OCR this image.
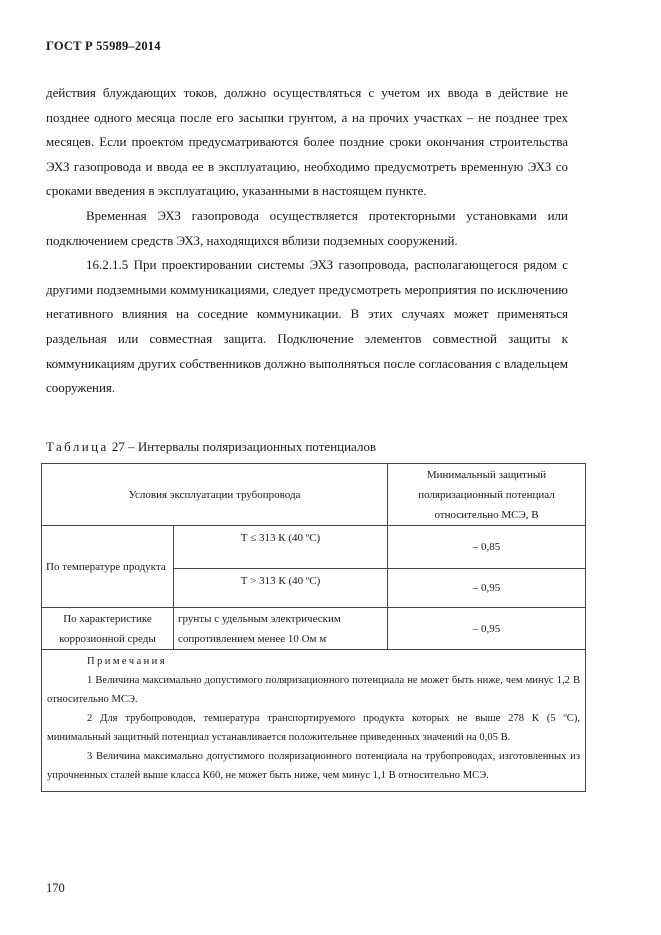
ГОСТ Р 55989–2014

действия блуждающих токов, должно осуществляться с учетом их ввода в действие не позднее одного месяца после его засыпки грунтом, а на прочих участках – не позднее трех месяцев. Если проектом предусматриваются более поздние сроки окончания строительства ЭХЗ газопровода и ввода ее в эксплуатацию, необходимо предусмотреть временную ЭХЗ со сроками введения в эксплуатацию, указанными в настоящем пункте.

Временная ЭХЗ газопровода осуществляется протекторными установками или подключением средств ЭХЗ, находящихся вблизи подземных сооружений.

16.2.1.5 При проектировании системы ЭХЗ газопровода, располагающегося рядом с другими подземными коммуникациями, следует предусмотреть мероприятия по исключению негативного влияния на соседние коммуникации. В этих случаях может применяться раздельная или совместная защита. Подключение элементов совместной защиты к коммуникациям других собственников должно выполняться после согласования с владельцем сооружения.

Таблица 27 – Интервалы поляризационных потенциалов
Условия эксплуатации трубопровода		Минимальный защитный поляризационный потенциал относительно МСЭ, В
По температуре продукта	Т ≤ 313 К (40 ºС)	– 0,85
	Т > 313 К (40 ºС)	– 0,95
По характеристике коррозионной среды	грунты с удельным электрическим сопротивлением менее 10 Ом м	– 0,95

Примечания

1 Величина максимально допустимого поляризационного потенциала не может быть ниже, чем минус 1,2 В относительно МСЭ.

2 Для трубопроводов, температура транспортируемого продукта которых не выше 278 К (5 ºС), минимальный защитный потенциал устанавливается положительнее приведенных значений на 0,05 В.

3 Величина максимально допустимого поляризационного потенциала на трубопроводах, изготовленных из упрочненных сталей выше класса К60, не может быть ниже, чем минус 1,1 В относительно МСЭ.		

170
